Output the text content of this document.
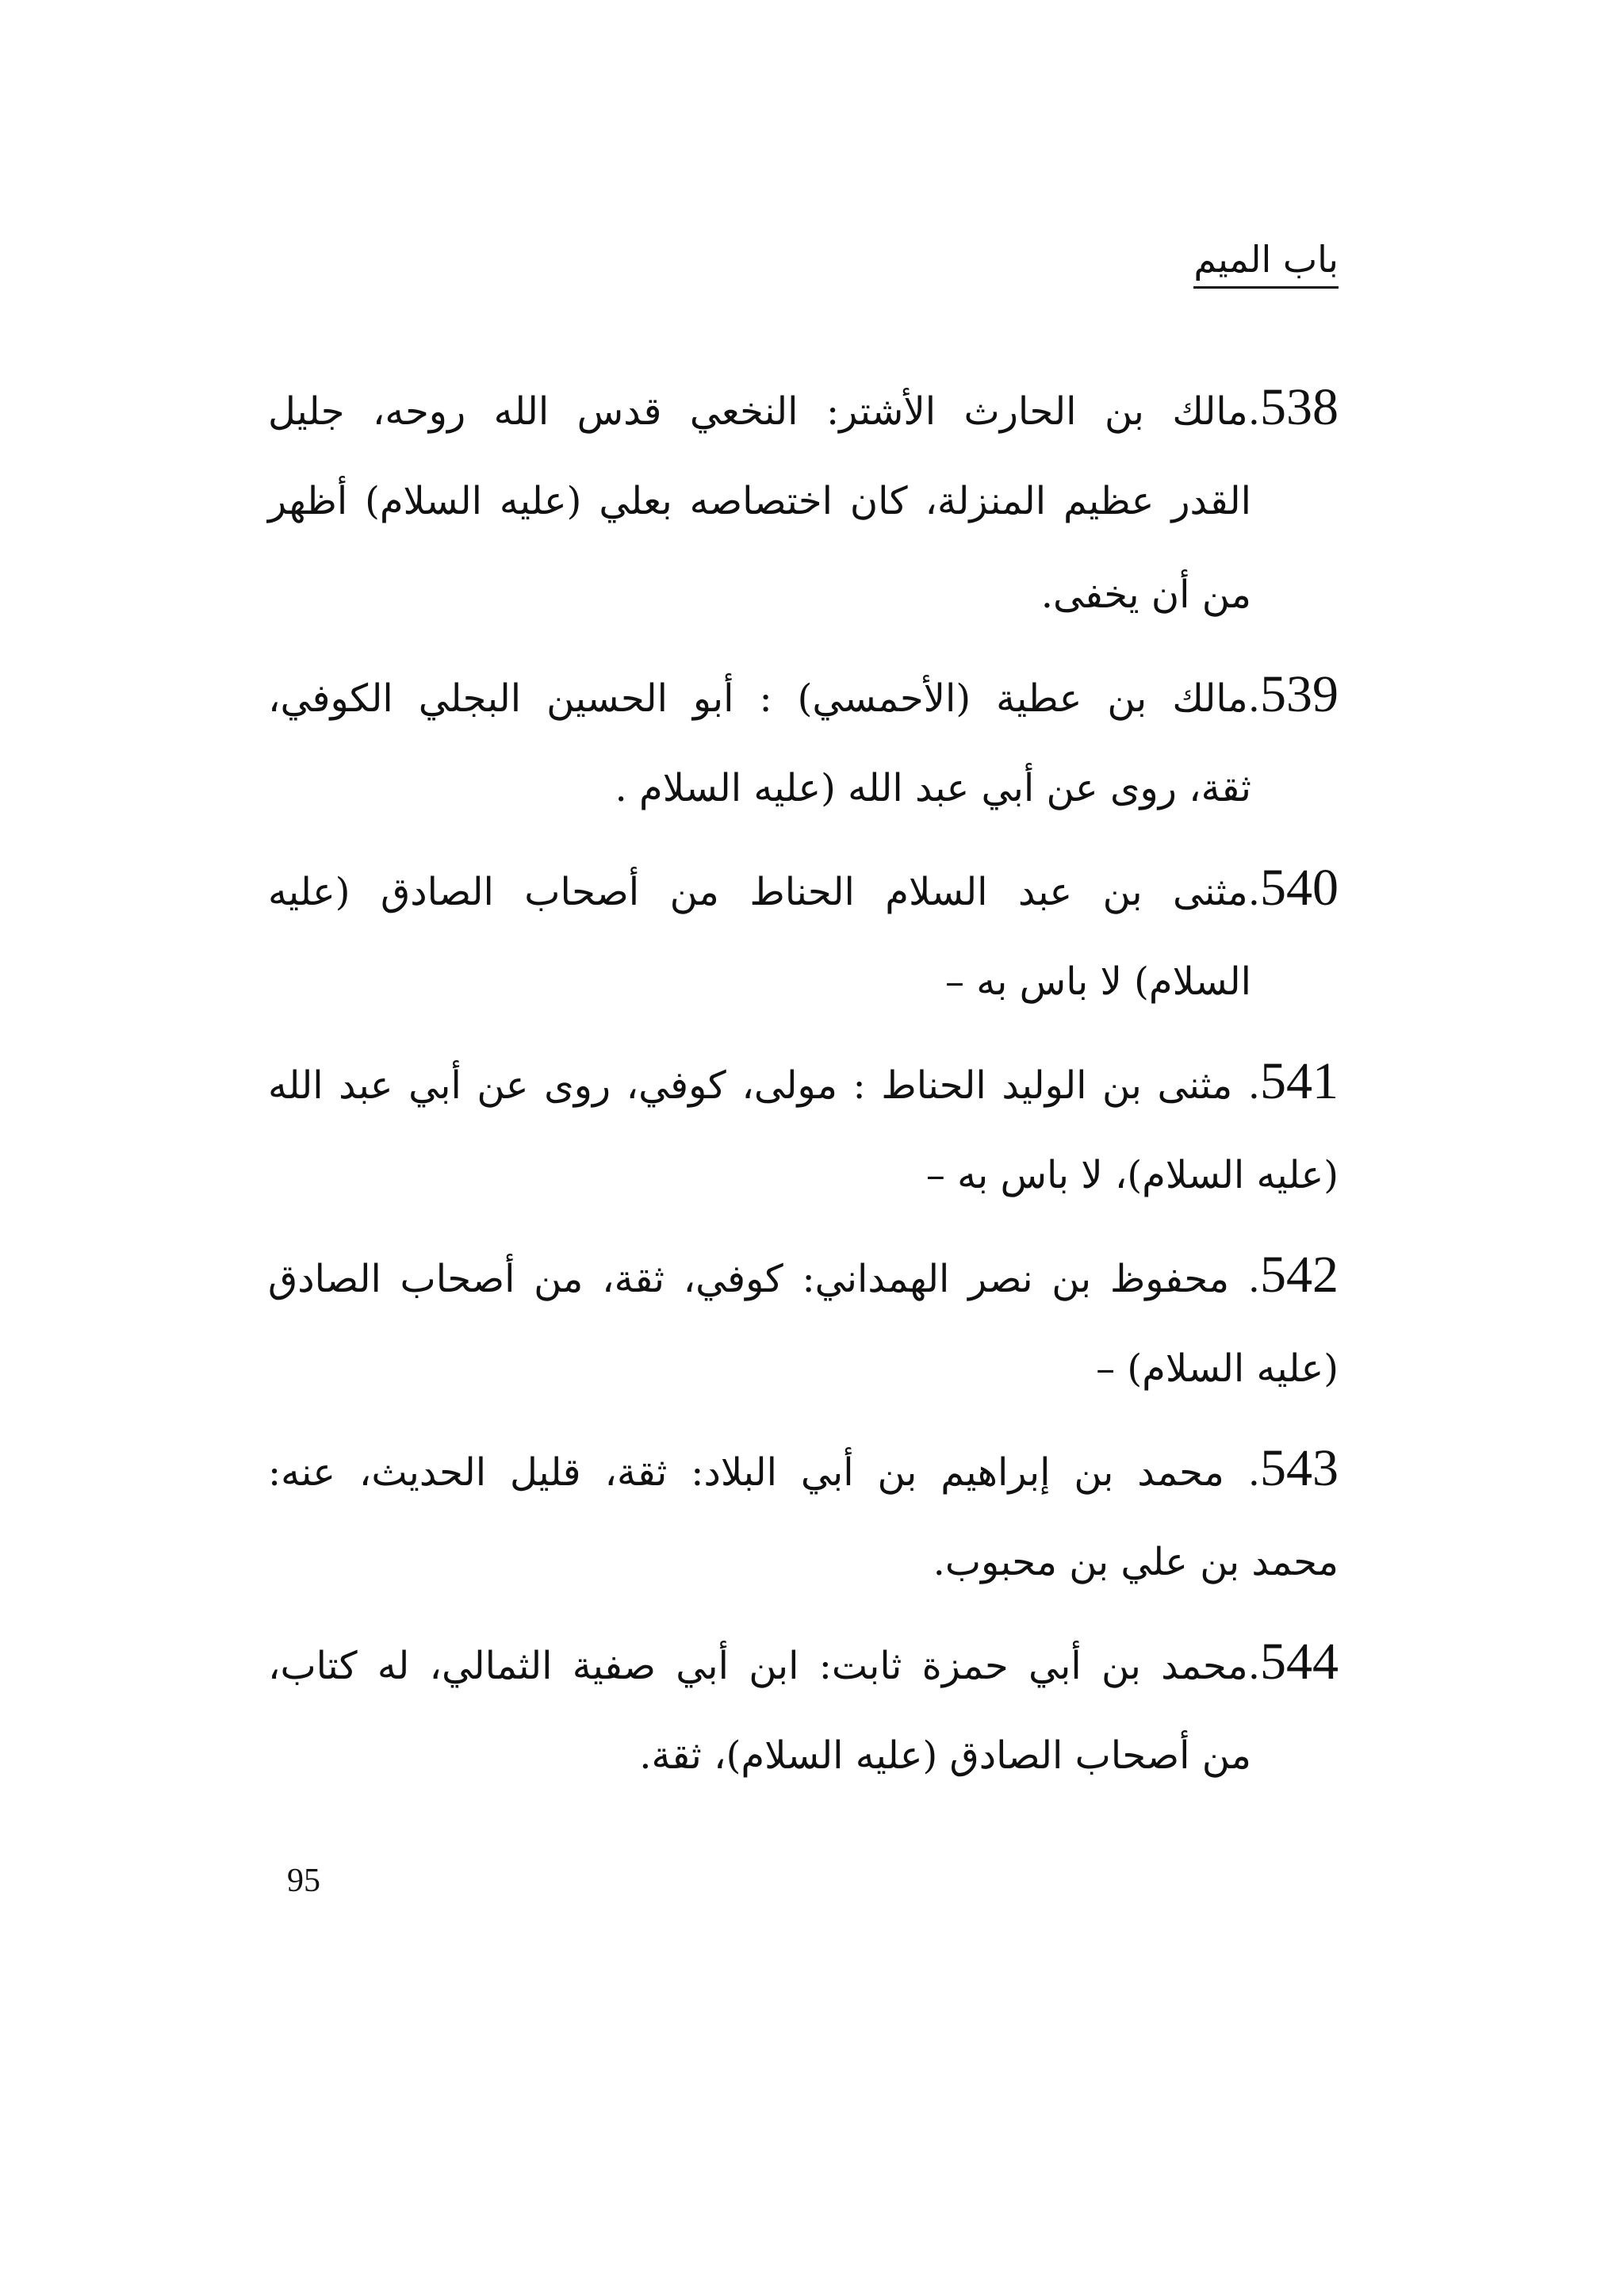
باب الميم
538.مالك بن الحارث الأشتر: النخعي قدس الله روحه، جليل
القدر عظيم المنزلة، كان اختصاصه بعلي (عليه السلام) أظهر
من أن يخفى.
539.مالك بن عطية (الأحمسي) : أبو الحسين البجلي الكوفي،
ثقة، روى عن أبي عبد الله (عليه السلام .
540.مثنى بن عبد السلام الحناط من أصحاب الصادق (عليه
السلام) لا باس به –
541. مثنى بن الوليد الحناط : مولى، كوفي، روى عن أبي عبد الله
(عليه السلام)، لا باس به –
542. محفوظ بن نصر الهمداني: كوفي، ثقة، من أصحاب الصادق
(عليه السلام) –
543. محمد بن إبراهيم بن أبي البلاد: ثقة، قليل الحديث، عنه:
محمد بن علي بن محبوب.
544.محمد بن أبي حمزة ثابت: ابن أبي صفية الثمالي، له كتاب،
من أصحاب الصادق (عليه السلام)، ثقة.
95
